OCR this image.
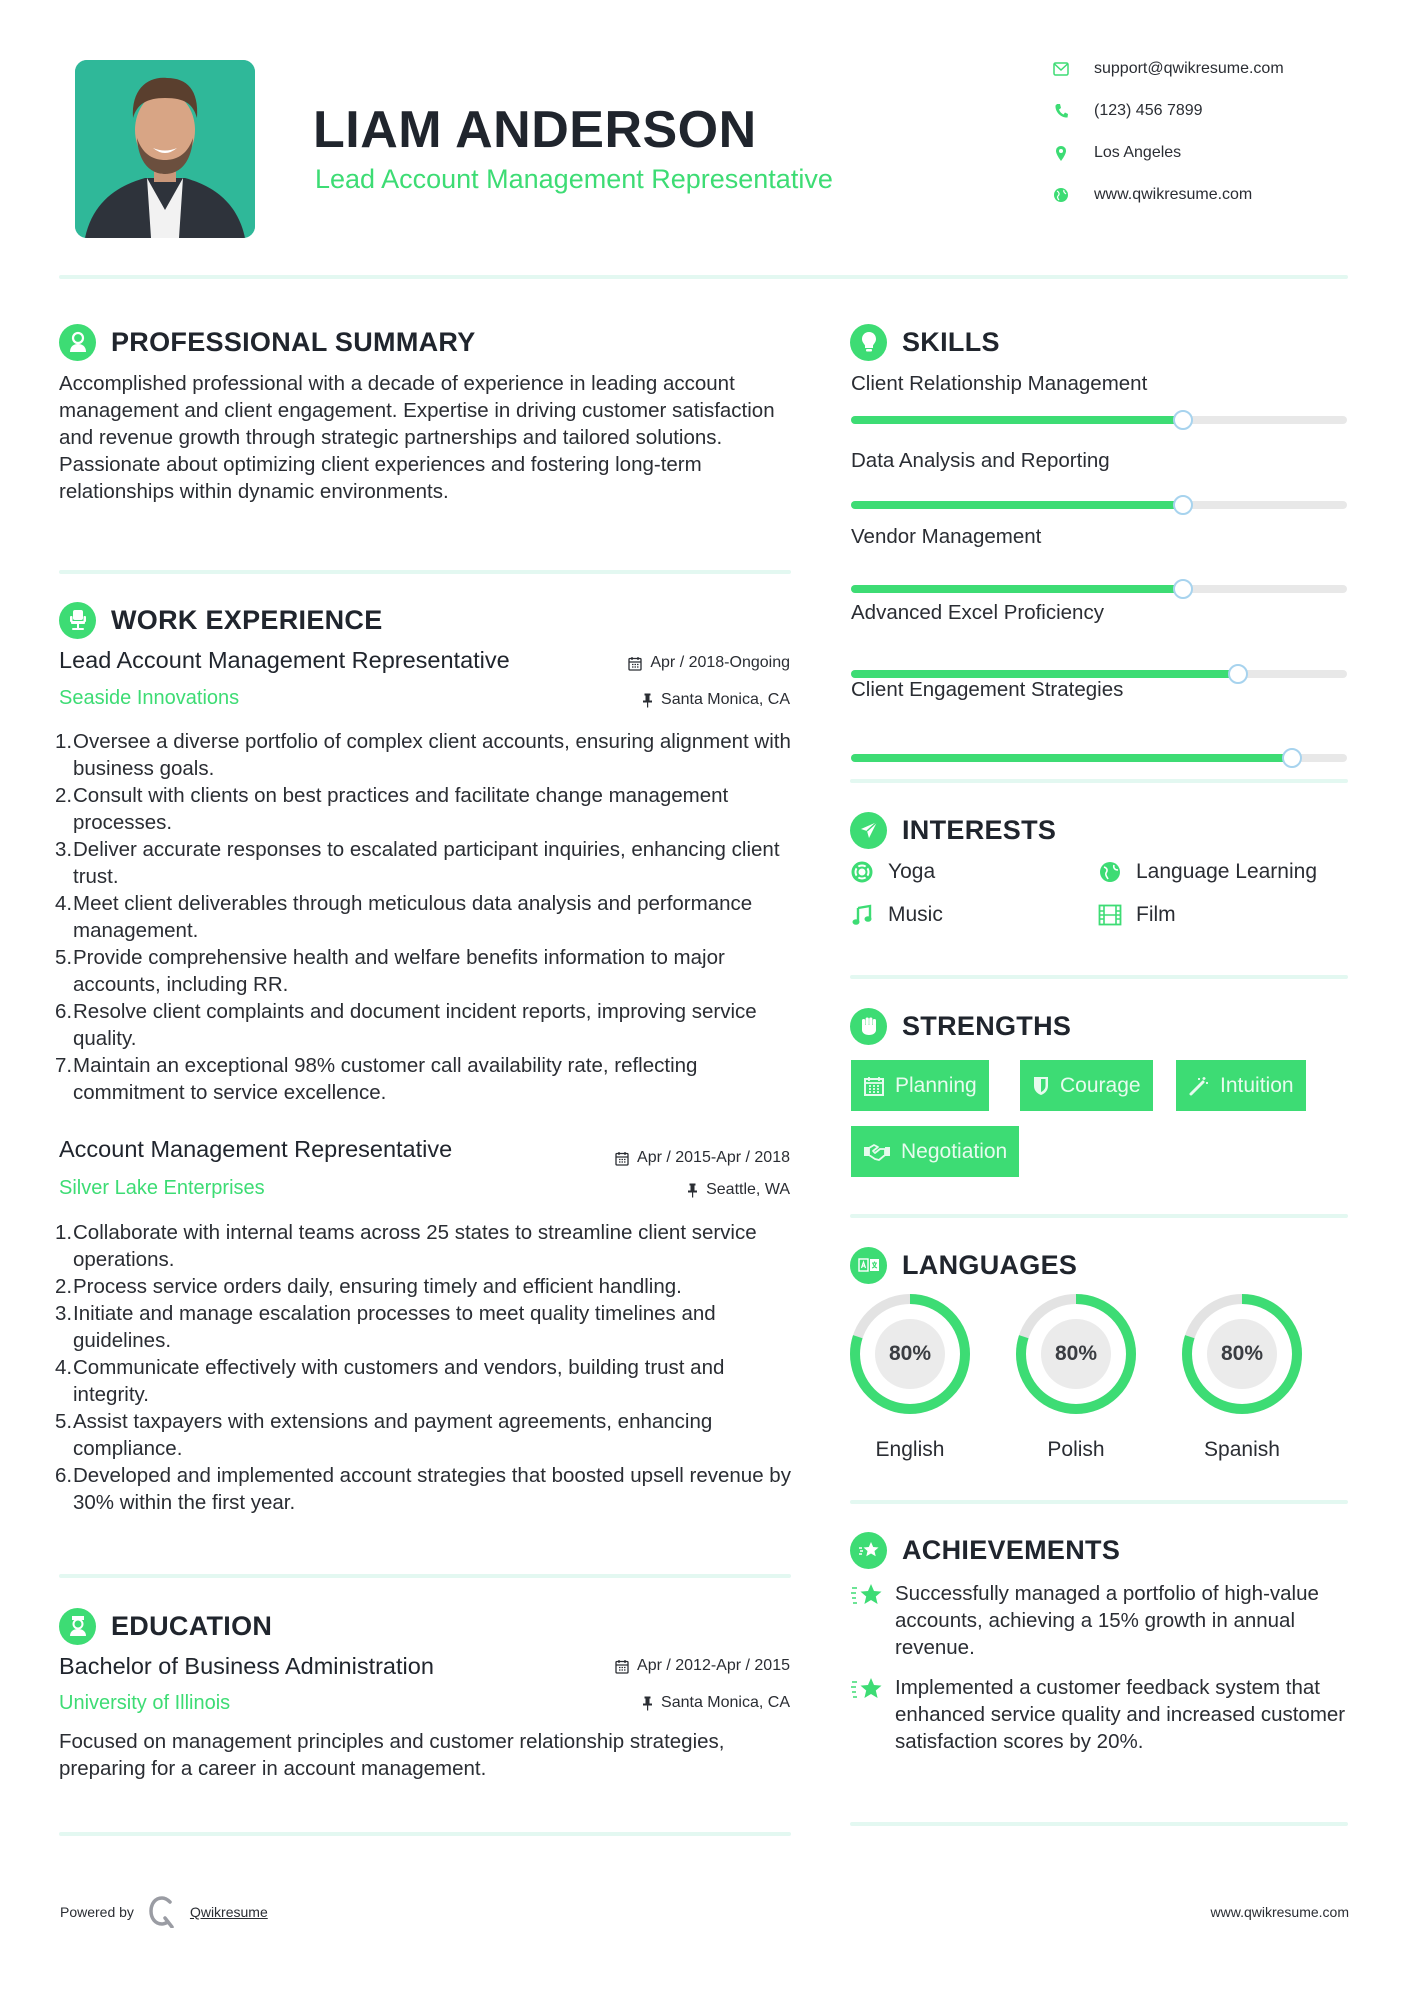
LIAM ANDERSON
Lead Account Management Representative
support@qwikresume.com
(123) 456 7899
Los Angeles
www.qwikresume.com
PROFESSIONAL SUMMARY
Accomplished professional with a decade of experience in leading account management and client engagement. Expertise in driving customer satisfaction and revenue growth through strategic partnerships and tailored solutions. Passionate about optimizing client experiences and fostering long-term relationships within dynamic environments.
WORK EXPERIENCE
Lead Account Management Representative	Apr / 2018-Ongoing
Seaside Innovations	Santa Monica, CA
1. Oversee a diverse portfolio of complex client accounts, ensuring alignment with business goals.
2. Consult with clients on best practices and facilitate change management processes.
3. Deliver accurate responses to escalated participant inquiries, enhancing client trust.
4. Meet client deliverables through meticulous data analysis and performance management.
5. Provide comprehensive health and welfare benefits information to major accounts, including RR.
6. Resolve client complaints and document incident reports, improving service quality.
7. Maintain an exceptional 98% customer call availability rate, reflecting commitment to service excellence.
Account Management Representative	Apr / 2015-Apr / 2018
Silver Lake Enterprises	Seattle, WA
1. Collaborate with internal teams across 25 states to streamline client service operations.
2. Process service orders daily, ensuring timely and efficient handling.
3. Initiate and manage escalation processes to meet quality timelines and guidelines.
4. Communicate effectively with customers and vendors, building trust and integrity.
5. Assist taxpayers with extensions and payment agreements, enhancing compliance.
6. Developed and implemented account strategies that boosted upsell revenue by 30% within the first year.
EDUCATION
Bachelor of Business Administration	Apr / 2012-Apr / 2015
University of Illinois	Santa Monica, CA
Focused on management principles and customer relationship strategies, preparing for a career in account management.
SKILLS
Client Relationship Management
Data Analysis and Reporting
Vendor Management
Advanced Excel Proficiency
Client Engagement Strategies
INTERESTS
Yoga	Language Learning
Music	Film
STRENGTHS
Planning	Courage	Intuition
Negotiation
LANGUAGES
80%
English
80%
Polish
80%
Spanish
ACHIEVEMENTS
Successfully managed a portfolio of high-value accounts, achieving a 15% growth in annual revenue.
Implemented a customer feedback system that enhanced service quality and increased customer satisfaction scores by 20%.
Powered by	Qwikresume	www.qwikresume.com
